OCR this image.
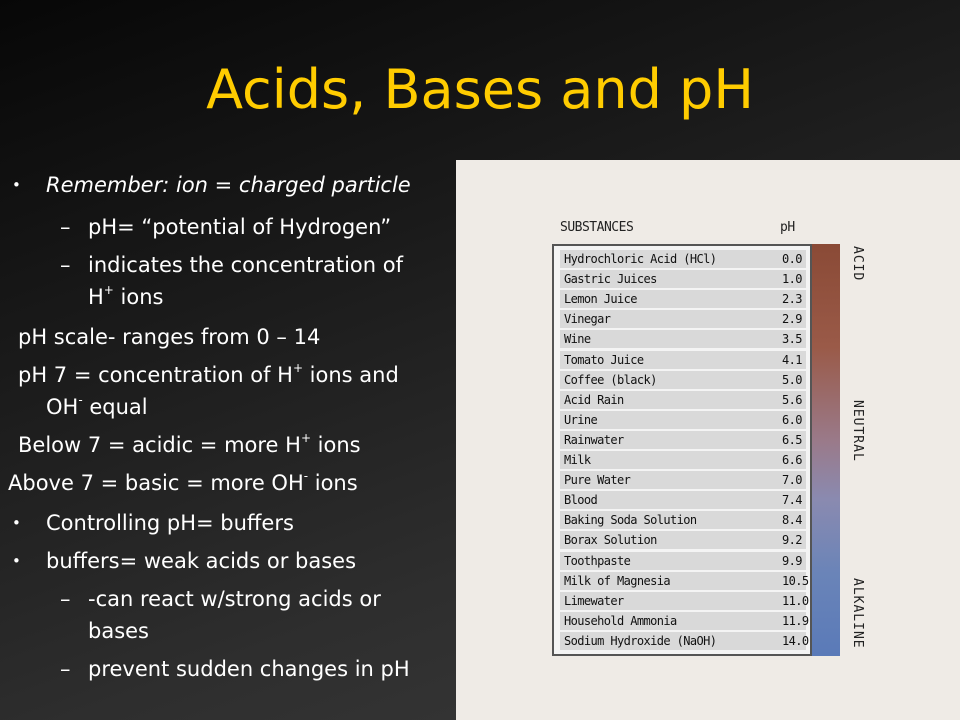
Acids, Bases and pH
• Remember: ion = charged particle
– pH= “potential of Hydrogen”
– indicates the concentration of
H+ ions
pH scale- ranges from 0 – 14
pH 7 = concentration of H+ ions and
OH- equal
Below 7 = acidic = more H+ ions
Above 7 = basic = more OH- ions
• Controlling pH= buffers
• buffers= weak acids or bases
– -can react w/strong acids or
bases
– prevent sudden changes in pH
SUBSTANCES	pH
Hydrochloric Acid (HCl)	0.0
Gastric Juices	1.0
Lemon Juice	2.3
Vinegar	2.9
Wine	3.5
Tomato Juice	4.1
Coffee (black)	5.0
Acid Rain	5.6
Urine	6.0
Rainwater	6.5
Milk	6.6
Pure Water	7.0
Blood	7.4
Baking Soda Solution	8.4
Borax Solution	9.2
Toothpaste	9.9
Milk of Magnesia	10.5
Limewater	11.0
Household Ammonia	11.9
Sodium Hydroxide (NaOH)	14.0
ACID
NEUTRAL
ALKALINE
